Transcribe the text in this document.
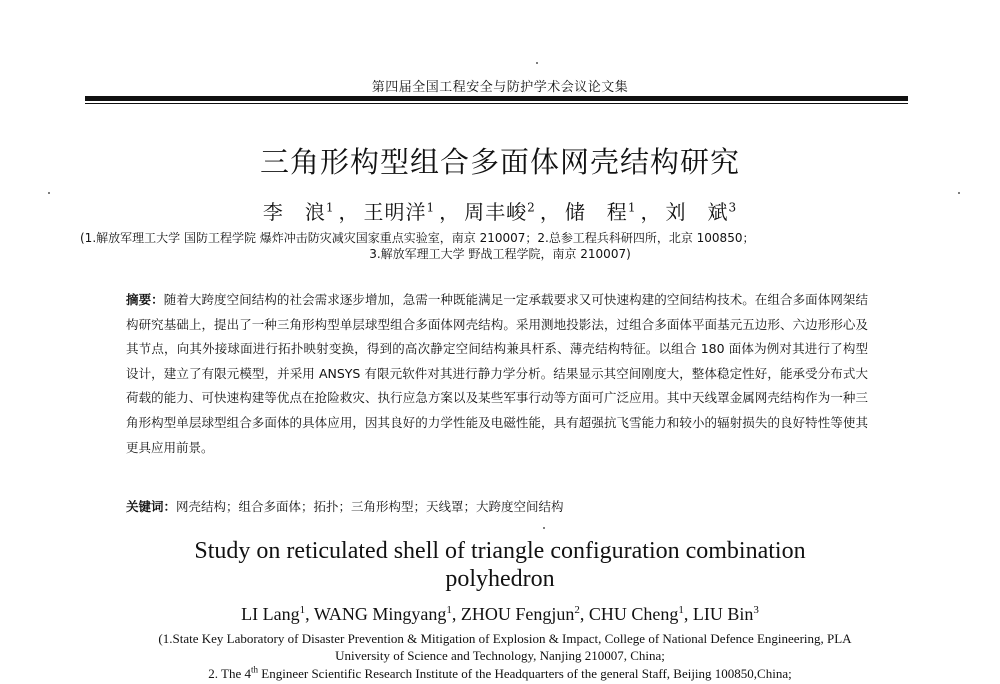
第四届全国工程安全与防护学术会议论文集
三角形构型组合多面体网壳结构研究
李　浪$^1$ ， 王明洋$^1$ ， 周丰峻$^2$ ， 储　程$^1$ ， 刘　斌$^3$
(1.解放军理工大学 国防工程学院 爆炸冲击防灾减灾国家重点实验室，南京 210007；2.总参工程兵科研四所，北京 100850；
3.解放军理工大学 野战工程学院，南京 210007)
摘要：随着大跨度空间结构的社会需求逐步增加，急需一种既能满足一定承载要求又可快速构建的空间结构技术。在组合多面体网架结构研究基础上，提出了一种三角形构型单层球型组合多面体网壳结构。采用测地投影法，过组合多面体平面基元五边形、六边形形心及其节点，向其外接球面进行拓扑映射变换，得到的高次静定空间结构兼具杆系、薄壳结构特征。以组合 180 面体为例对其进行了构型设计，建立了有限元模型，并采用 ANSYS 有限元软件对其进行静力学分析。结果显示其空间刚度大，整体稳定性好，能承受分布式大荷载的能力、可快速构建等优点在抢险救灾、执行应急方案以及某些军事行动等方面可广泛应用。其中天线罩金属网壳结构作为一种三角形构型单层球型组合多面体的具体应用，因其良好的力学性能及电磁性能，具有超强抗飞雪能力和较小的辐射损失的良好特性等使其更具应用前景。
关键词：网壳结构；组合多面体；拓扑；三角形构型；天线罩；大跨度空间结构
Study on reticulated shell of triangle configuration combination
polyhedron
LI Lang$^1$, WANG Mingyang$^1$, ZHOU Fengjun$^2$, CHU Cheng$^1$, LIU Bin$^3$
(1.State Key Laboratory of Disaster Prevention & Mitigation of Explosion & Impact, College of National Defence Engineering, PLA
University of Science and Technology, Nanjing 210007, China;
2. The 4th Engineer Scientific Research Institute of the Headquarters of the general Staff, Beijing 100850,China;
